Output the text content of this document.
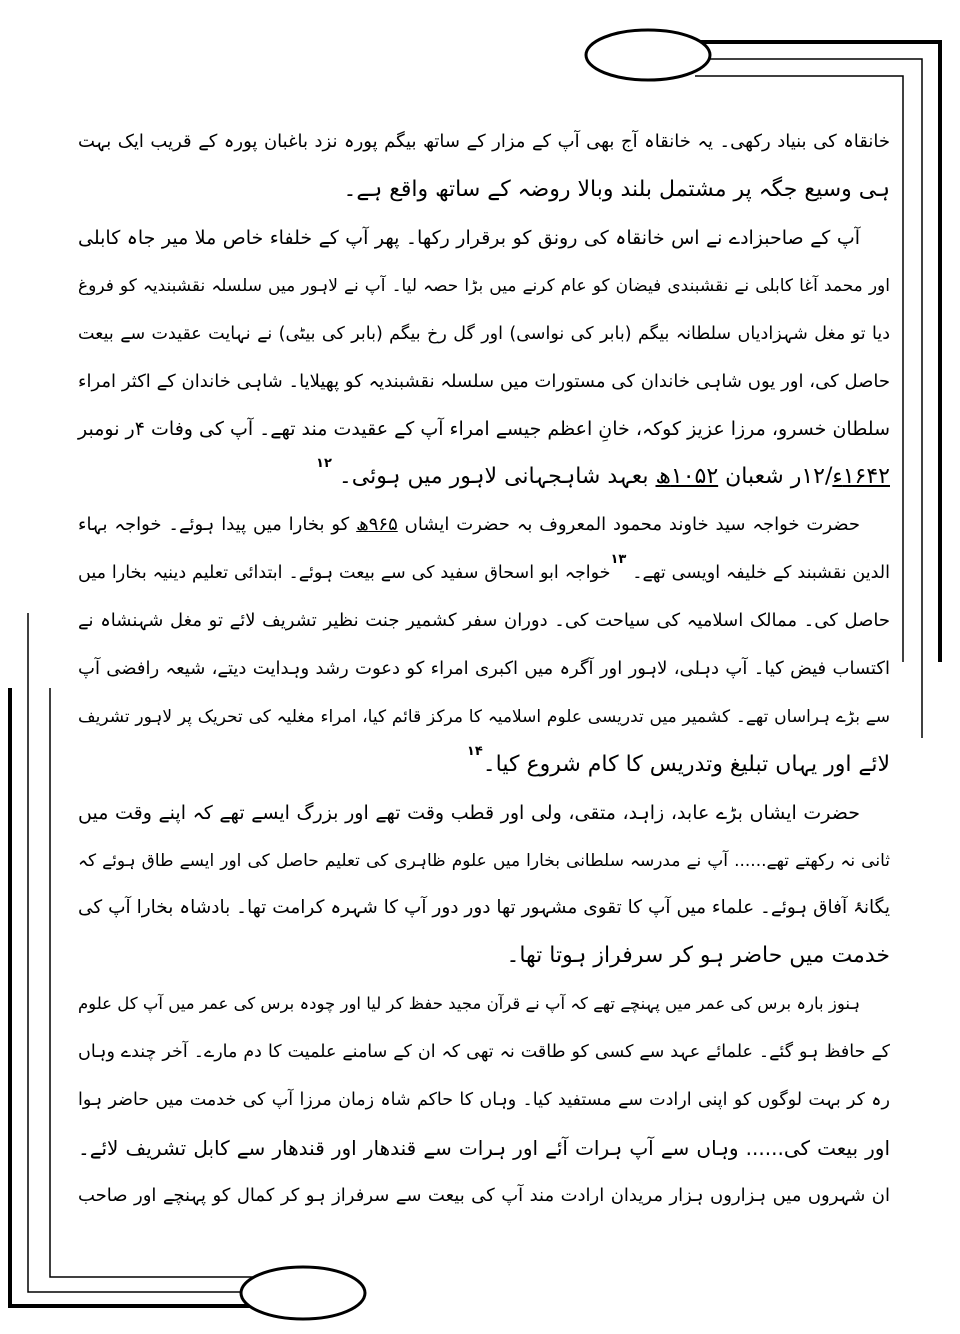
خانقاہ کی بنیاد رکھی۔ یہ خانقاہ آج بھی آپ کے مزار کے ساتھ بیگم پورہ نزد باغبان پورہ کے قریب ایک بہت
ہی وسیع جگہ پر مشتمل بلند وبالا روضہ کے ساتھ واقع ہے۔
آپ کے صاحبزادے نے اس خانقاہ کی رونق کو برقرار رکھا۔ پھر آپ کے خلفاء خاص ملا میر جاہ کابلی
اور محمد آغا کابلی نے نقشبندی فیضان کو عام کرنے میں بڑا حصہ لیا۔ آپ نے لاہور میں سلسلہ نقشبندیہ کو فروغ
دیا تو مغل شہزادیاں سلطانہ بیگم (بابر کی نواسی) اور گل رخ بیگم (بابر کی بیٹی) نے نہایت عقیدت سے بیعت
حاصل کی، اور یوں شاہی خاندان کی مستورات میں سلسلہ نقشبندیہ کو پھیلایا۔ شاہی خاندان کے اکثر امراء
سلطان خسرو، مرزا عزیز کوکہ، خانِ اعظم جیسے امراء آپ کے عقیدت مند تھے۔ آپ کی وفات ۴ر نومبر
۱۶۴۲ء/۱۲ر شعبان ۱۰۵۲ھ بعہد شاہجہانی لاہور میں ہوئی۔ $^{۱۲}$
حضرت خواجہ سید خاوند محمود المعروف بہ حضرت ایشاں ۹۶۵ھ کو بخارا میں پیدا ہوئے۔ خواجہ بہاء
الدین نقشبند کے خلیفہ اویسی تھے۔ $^{۱۳}$خواجہ ابو اسحاق سفید کی سے بیعت ہوئے۔ ابتدائی تعلیم دینیہ بخارا میں
حاصل کی۔ ممالک اسلامیہ کی سیاحت کی۔ دوران سفر کشمیر جنت نظیر تشریف لائے تو مغل شہنشاہ نے
اکتساب فیض کیا۔ آپ دہلی، لاہور اور آگرہ میں اکبری امراء کو دعوت رشد وہدایت دیتے، شیعہ رافضی آپ
سے بڑے ہراساں تھے۔ کشمیر میں تدریسی علوم اسلامیہ کا مرکز قائم کیا، امراء مغلیہ کی تحریک پر لاہور تشریف
لائے اور یہاں تبلیغ وتدریس کا کام شروع کیا۔$^{۱۴}$
حضرت ایشاں بڑے عابد، زاہد، متقی، ولی اور قطب وقت تھے اور بزرگ ایسے تھے کہ اپنے وقت میں
ثانی نہ رکھتے تھے...... آپ نے مدرسہ سلطانی بخارا میں علوم ظاہری کی تعلیم حاصل کی اور ایسے طاق ہوئے کہ
یگانۂ آفاق ہوئے۔ علماء میں آپ کا تقوی مشہور تھا دور دور آپ کا شہرہ کرامت تھا۔ بادشاہ بخارا آپ کی
خدمت میں حاضر ہو کر سرفراز ہوتا تھا۔
ہنوز بارہ برس کی عمر میں پہنچے تھے کہ آپ نے قرآن مجید حفظ کر لیا اور چودہ برس کی عمر میں آپ کل علوم
کے حافظ ہو گئے۔ علمائے عہد سے کسی کو طاقت نہ تھی کہ ان کے سامنے علمیت کا دم مارے۔ آخر چندے وہاں
رہ کر بہت لوگوں کو اپنی ارادت سے مستفید کیا۔ وہاں کا حاکم شاہ زمان مرزا آپ کی خدمت میں حاضر ہوا
اور بیعت کی...... وہاں سے آپ ہرات آئے اور ہرات سے قندھار اور قندھار سے کابل تشریف لائے۔
ان شہروں میں ہزاروں ہزار مریدان ارادت مند آپ کی بیعت سے سرفراز ہو کر کمال کو پہنچے اور صاحب
